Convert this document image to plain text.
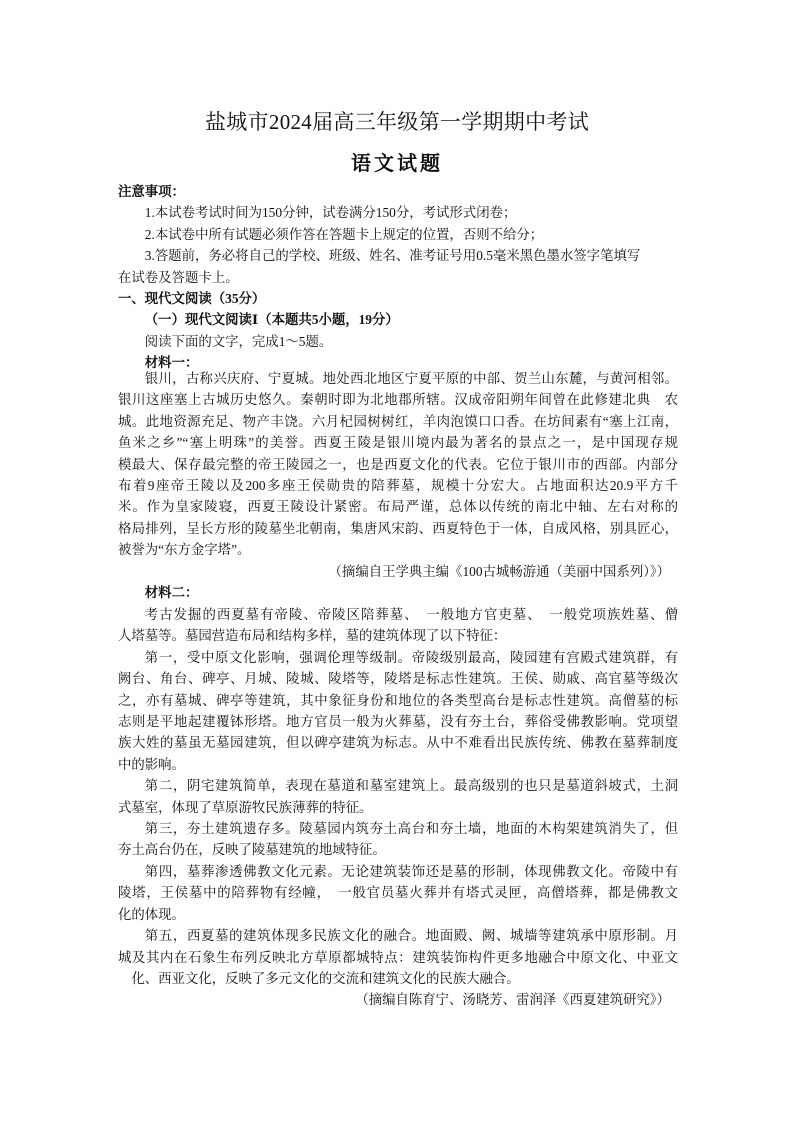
盐城市2024届高三年级第一学期期中考试
语文试题
注意事项：
1.本试卷考试时间为150分钟，试卷满分150分，考试形式闭卷；
2.本试卷中所有试题必须作答在答题卡上规定的位置，否则不给分；
3.答题前，务必将自己的学校、班级、姓名、准考证号用0.5毫米黑色墨水签字笔填写
在试卷及答题卡上。
一、现代文阅读（35分）
（一）现代文阅读Ⅰ（本题共5小题，19分）
阅读下面的文字，完成1～5题。
材料一：
银川，古称兴庆府、宁夏城。地处西北地区宁夏平原的中部、贺兰山东麓，与黄河相邻。
银川这座塞上古城历史悠久。秦朝时即为北地郡所辖。汉成帝阳朔年间曾在此修建北典　农
城。此地资源充足、物产丰饶。六月杞园树树红，羊肉泡馍口口香。在坊间素有“塞上江南，
鱼米之乡”“塞上明珠”的美誉。西夏王陵是银川境内最为著名的景点之一，是中国现存规
模最大、保存最完整的帝王陵园之一，也是西夏文化的代表。它位于银川市的西部。内部分
布着9座帝王陵以及200多座王侯勋贵的陪葬墓，规模十分宏大。占地面积达20.9平方千
米。作为皇家陵寝，西夏王陵设计紧密。布局严谨，总体以传统的南北中轴、左右对称的
格局排列，呈长方形的陵墓坐北朝南，集唐风宋韵、西夏特色于一体，自成风格，别具匠心，
被誉为“东方金字塔”。
（摘编自王学典主编《100古城畅游通（美丽中国系列）》）
材料二：
考古发掘的西夏墓有帝陵、帝陵区陪葬墓、　一般地方官吏墓、　一般党项族姓墓、僧
人塔墓等。墓园营造布局和结构多样，墓的建筑体现了以下特征：
第一，受中原文化影响，强调伦理等级制。帝陵级别最高，陵园建有宫殿式建筑群，有
阙台、角台、碑亭、月城、陵城、陵塔等，陵塔是标志性建筑。王侯、勋戚、高官墓等级次
之，亦有墓城、碑亭等建筑，其中象征身份和地位的各类型高台是标志性建筑。高僧墓的标
志则是平地起建覆钵形塔。地方官员一般为火葬墓，没有夯土台，葬俗受佛教影响。党项望
族大姓的墓虽无墓园建筑，但以碑亭建筑为标志。从中不难看出民族传统、佛教在墓葬制度
中的影响。
第二，阴宅建筑简单，表现在墓道和墓室建筑上。最高级别的也只是墓道斜坡式，土洞
式墓室，体现了草原游牧民族薄葬的特征。
第三，夯土建筑遗存多。陵墓园内筑夯土高台和夯土墙，地面的木构架建筑消失了，但
夯土高台仍在，反映了陵墓建筑的地域特征。
第四，墓葬渗透佛教文化元素。无论建筑装饰还是墓的形制，体现佛教文化。帝陵中有
陵塔，王侯墓中的陪葬物有经幢，　一般官员墓火葬并有塔式灵匣，高僧塔葬，都是佛教文
化的体现。
第五，西夏墓的建筑体现多民族文化的融合。地面殿、阙、城墙等建筑承中原形制。月
城及其内在石象生布列反映北方草原都城特点：建筑装饰构件更多地融合中原文化、中亚文
化、西亚文化，反映了多元文化的交流和建筑文化的民族大融合。
（摘编自陈育宁、汤晓芳、雷润泽《西夏建筑研究》）
